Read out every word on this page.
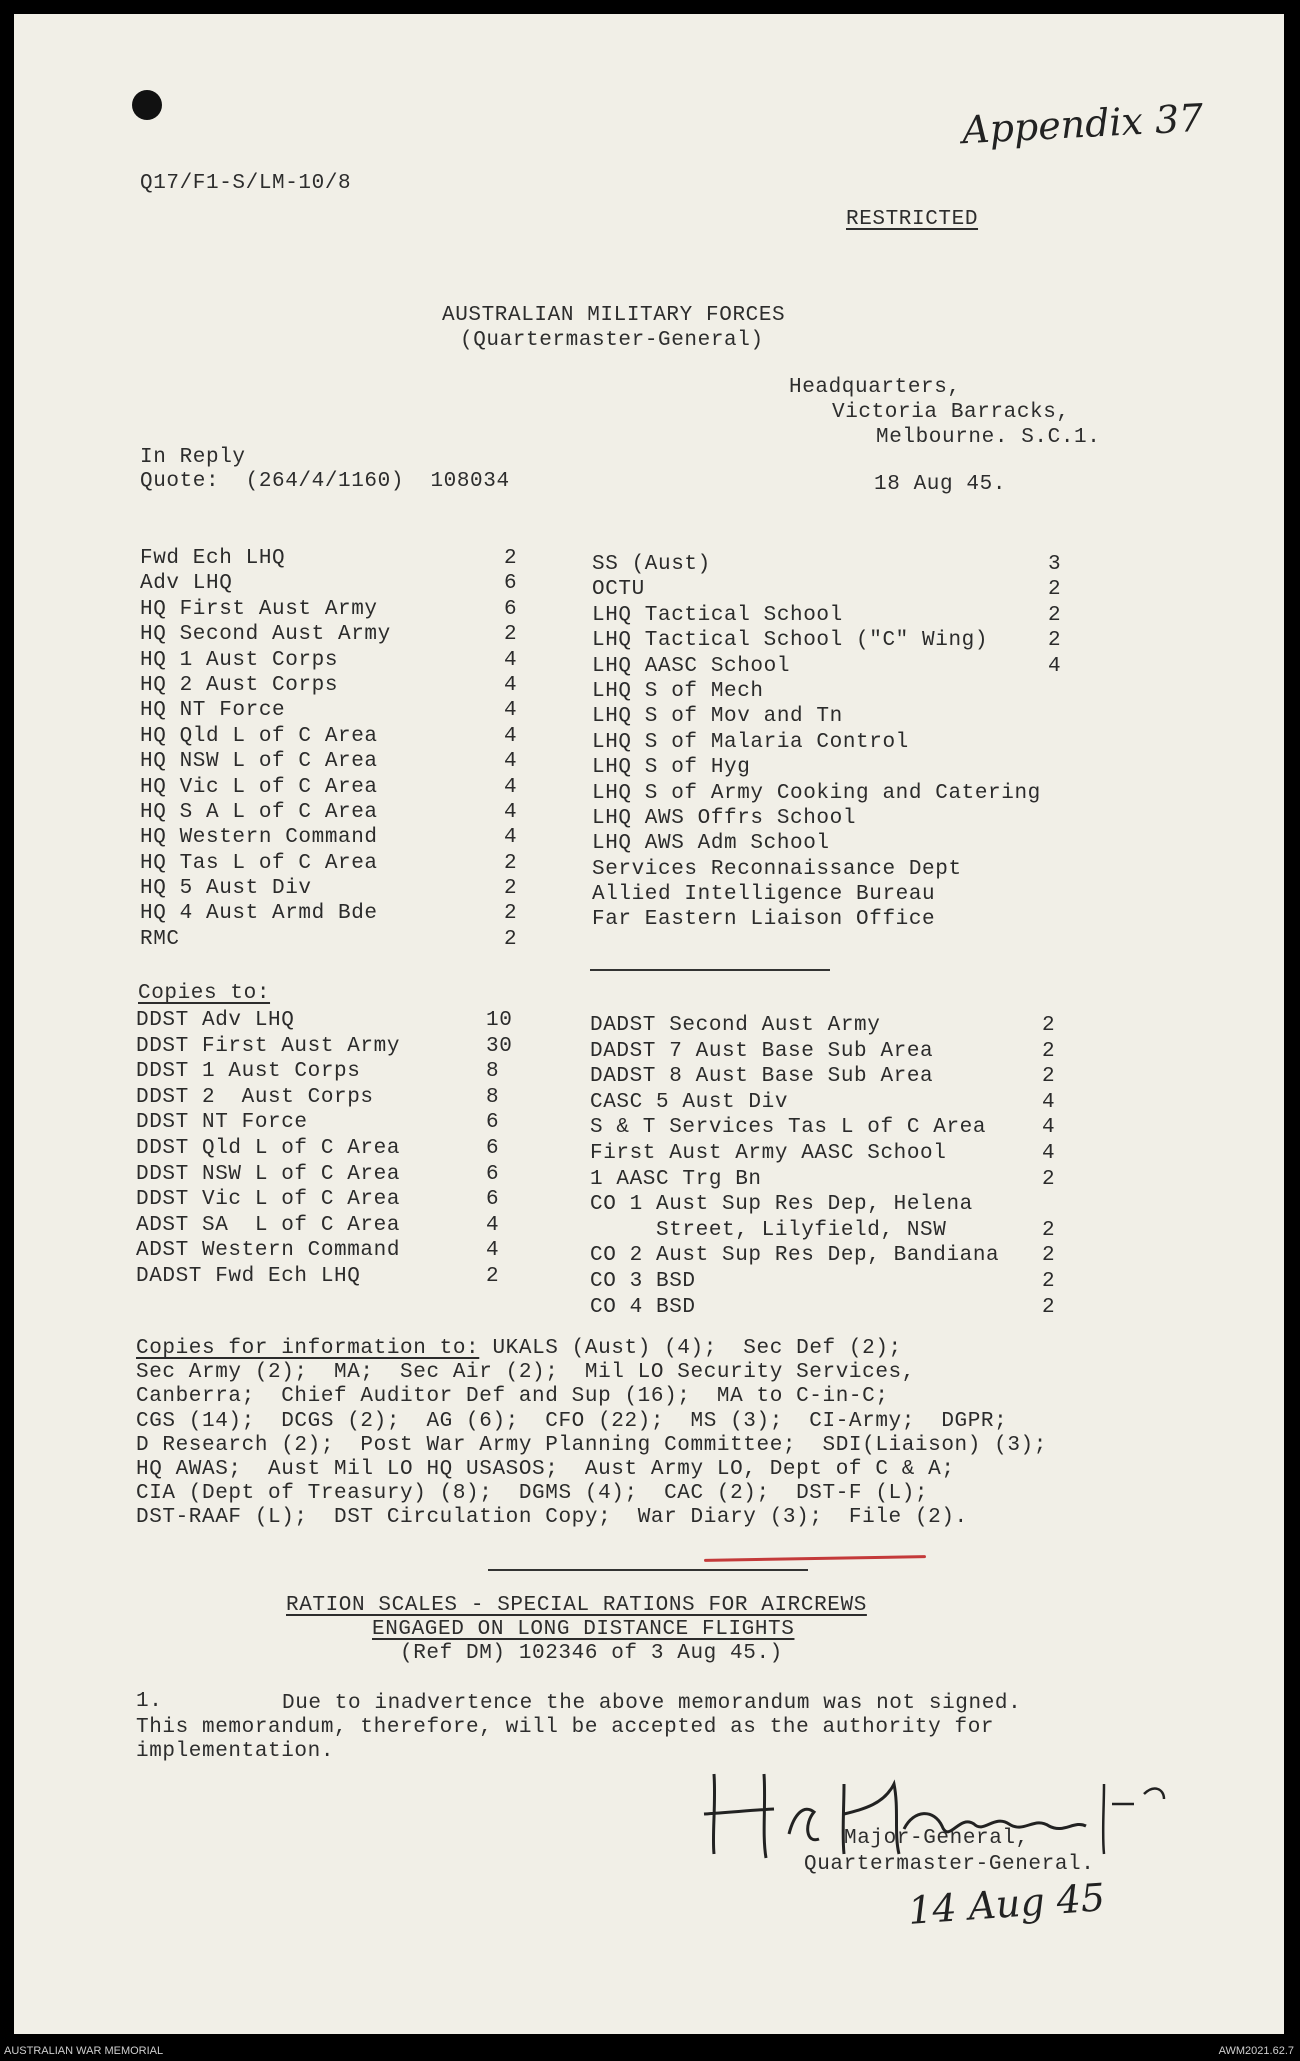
Q17/F1-S/LM-10/8
Appendix 37
RESTRICTED
AUSTRALIAN MILITARY FORCES
(Quartermaster-General)
Headquarters,
Victoria Barracks,
Melbourne. S.C.1.
In Reply
Quote:  (264/4/1160)  108034	18 Aug 45.
Fwd Ech LHQ	2
Adv LHQ	6
HQ First Aust Army	6
HQ Second Aust Army	2
HQ 1 Aust Corps	4
HQ 2 Aust Corps	4
HQ NT Force	4
HQ Qld L of C Area	4
HQ NSW L of C Area	4
HQ Vic L of C Area	4
HQ S A L of C Area	4
HQ Western Command	4
HQ Tas L of C Area	2
HQ 5 Aust Div	2
HQ 4 Aust Armd Bde	2
RMC	2
SS (Aust)	3
OCTU	2
LHQ Tactical School	2
LHQ Tactical School ("C" Wing)	2
LHQ AASC School	4
LHQ S of Mech
LHQ S of Mov and Tn
LHQ S of Malaria Control
LHQ S of Hyg
LHQ S of Army Cooking and Catering
LHQ AWS Offrs School
LHQ AWS Adm School
Services Reconnaissance Dept
Allied Intelligence Bureau
Far Eastern Liaison Office
Copies to:
DDST Adv LHQ	10
DDST First Aust Army	30
DDST 1 Aust Corps	8
DDST 2  Aust Corps	8
DDST NT Force	6
DDST Qld L of C Area	6
DDST NSW L of C Area	6
DDST Vic L of C Area	6
ADST SA  L of C Area	4
ADST Western Command	4
DADST Fwd Ech LHQ	2
DADST Second Aust Army	2
DADST 7 Aust Base Sub Area	2
DADST 8 Aust Base Sub Area	2
CASC 5 Aust Div	4
S & T Services Tas L of C Area	4
First Aust Army AASC School	4
1 AASC Trg Bn	2
CO 1 Aust Sup Res Dep, Helena
Street, Lilyfield, NSW	2
CO 2 Aust Sup Res Dep, Bandiana 2
CO 3 BSD	2
CO 4 BSD	2
Copies for information to: UKALS (Aust) (4);  Sec Def (2);
Sec Army (2);  MA;  Sec Air (2);  Mil LO Security Services,
Canberra;  Chief Auditor Def and Sup (16);  MA to C-in-C;
CGS (14);  DCGS (2);  AG (6);  CFO (22);  MS (3);  CI-Army;  DGPR;
D Research (2);  Post War Army Planning Committee;  SDI(Liaison) (3);
HQ AWAS;  Aust Mil LO HQ USASOS;  Aust Army LO, Dept of C & A;
CIA (Dept of Treasury) (8);  DGMS (4);  CAC (2);  DST-F (L);
DST-RAAF (L);  DST Circulation Copy;  War Diary (3);  File (2).
RATION SCALES - SPECIAL RATIONS FOR AIRCREWS
ENGAGED ON LONG DISTANCE FLIGHTS
(Ref DM) 102346 of 3 Aug 45.)
1.	Due to inadvertence the above memorandum was not signed.
This memorandum, therefore, will be accepted as the authority for
implementation.
Major-General,
Quartermaster-General.
14 Aug 45
AUSTRALIAN WAR MEMORIAL	AWM2021.62.7
